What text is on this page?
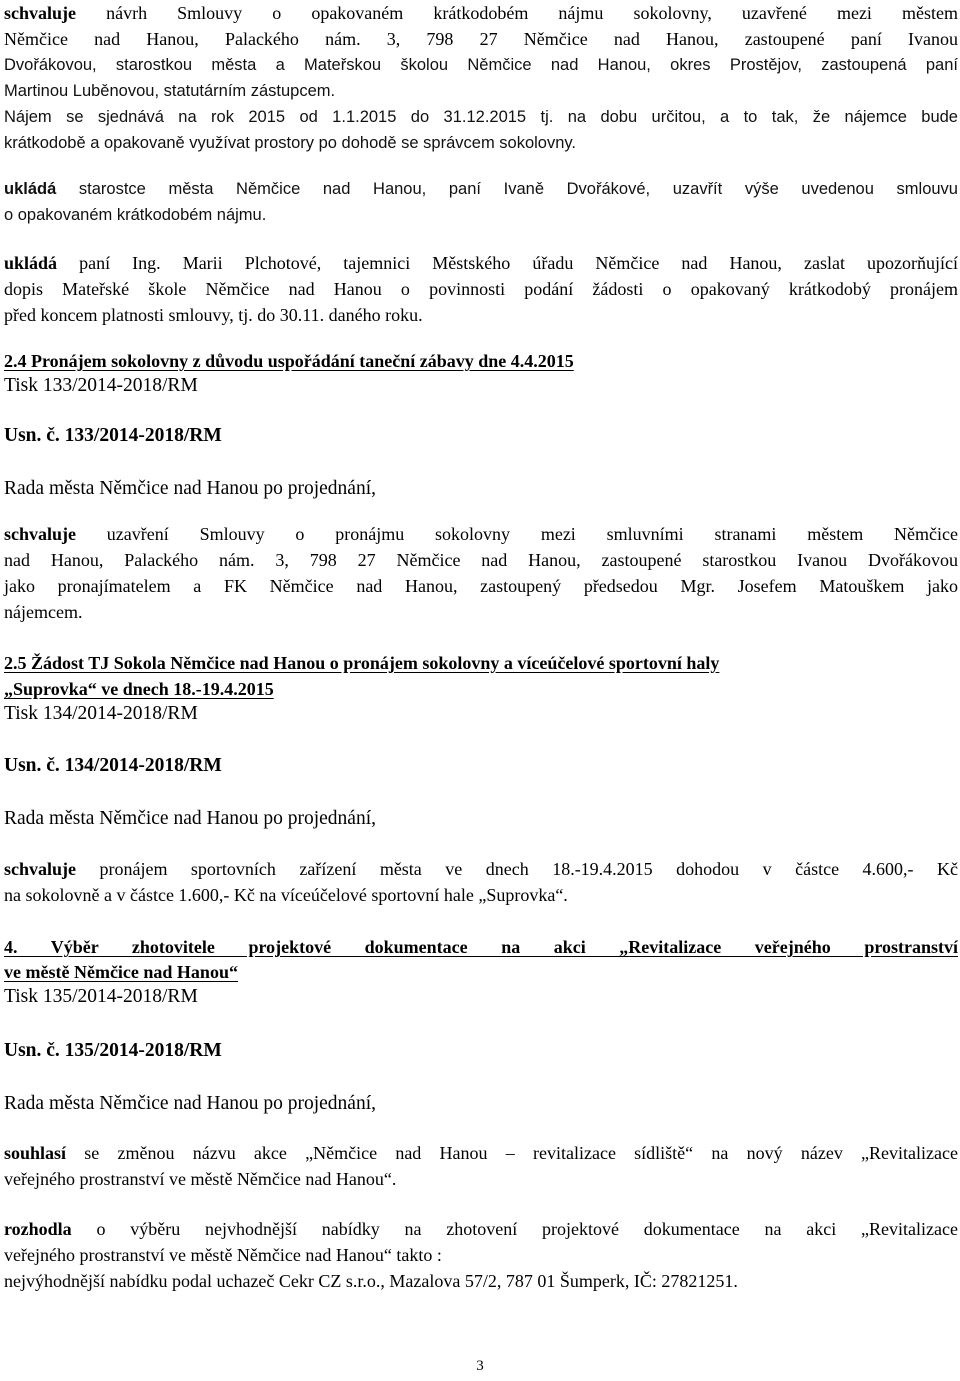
schvaluje návrh Smlouvy o opakovaném krátkodobém nájmu sokolovny, uzavřené mezi městem
Němčice nad Hanou, Palackého nám. 3, 798 27 Němčice nad Hanou, zastoupené paní Ivanou
Dvořákovou, starostkou města a Mateřskou školou Němčice nad Hanou, okres Prostějov, zastoupená paní
Martinou Luběnovou, statutárním zástupcem.
Nájem se sjednává na rok 2015 od 1.1.2015 do 31.12.2015 tj. na dobu určitou, a to tak, že nájemce bude
krátkodobě a opakovaně využívat prostory po dohodě se správcem sokolovny.
ukládá starostce města Němčice nad Hanou, paní Ivaně Dvořákové, uzavřít výše uvedenou smlouvu
o opakovaném krátkodobém nájmu.
ukládá paní Ing. Marii Plchotové, tajemnici Městského úřadu Němčice nad Hanou, zaslat upozorňující
dopis Mateřské škole Němčice nad Hanou o povinnosti podání žádosti o opakovaný krátkodobý pronájem
před koncem platnosti smlouvy, tj. do 30.11. daného roku.
2.4 Pronájem sokolovny z důvodu uspořádání taneční zábavy dne 4.4.2015
Tisk 133/2014-2018/RM
Usn. č. 133/2014-2018/RM
Rada města Němčice nad Hanou po projednání,
schvaluje uzavření Smlouvy o pronájmu sokolovny mezi smluvními stranami městem Němčice
nad Hanou, Palackého nám. 3, 798 27 Němčice nad Hanou, zastoupené starostkou Ivanou Dvořákovou
jako pronajímatelem a FK Němčice nad Hanou, zastoupený předsedou Mgr. Josefem Matouškem jako
nájemcem.
2.5 Žádost TJ Sokola Němčice nad Hanou o pronájem sokolovny a víceúčelové sportovní haly „Suprovka“ ve dnech 18.-19.4.2015
Tisk 134/2014-2018/RM
Usn. č. 134/2014-2018/RM
Rada města Němčice nad Hanou po projednání,
schvaluje pronájem sportovních zařízení města ve dnech 18.-19.4.2015 dohodou v částce 4.600,- Kč
na sokolovně a v částce 1.600,- Kč na víceúčelové sportovní hale „Suprovka“.
4. Výběr zhotovitele projektové dokumentace na akci „Revitalizace veřejného prostranství
ve městě Němčice nad Hanou“
Tisk 135/2014-2018/RM
Usn. č. 135/2014-2018/RM
Rada města Němčice nad Hanou po projednání,
souhlasí se změnou názvu akce „Němčice nad Hanou – revitalizace sídliště“ na nový název „Revitalizace
veřejného prostranství ve městě Němčice nad Hanou“.
rozhodla o výběru nejvhodnější nabídky na zhotovení projektové dokumentace na akci „Revitalizace
veřejného prostranství ve městě Němčice nad Hanou“ takto :
nejvýhodnější nabídku podal uchazeč Cekr CZ s.r.o., Mazalova 57/2, 787 01 Šumperk, IČ: 27821251.
3
